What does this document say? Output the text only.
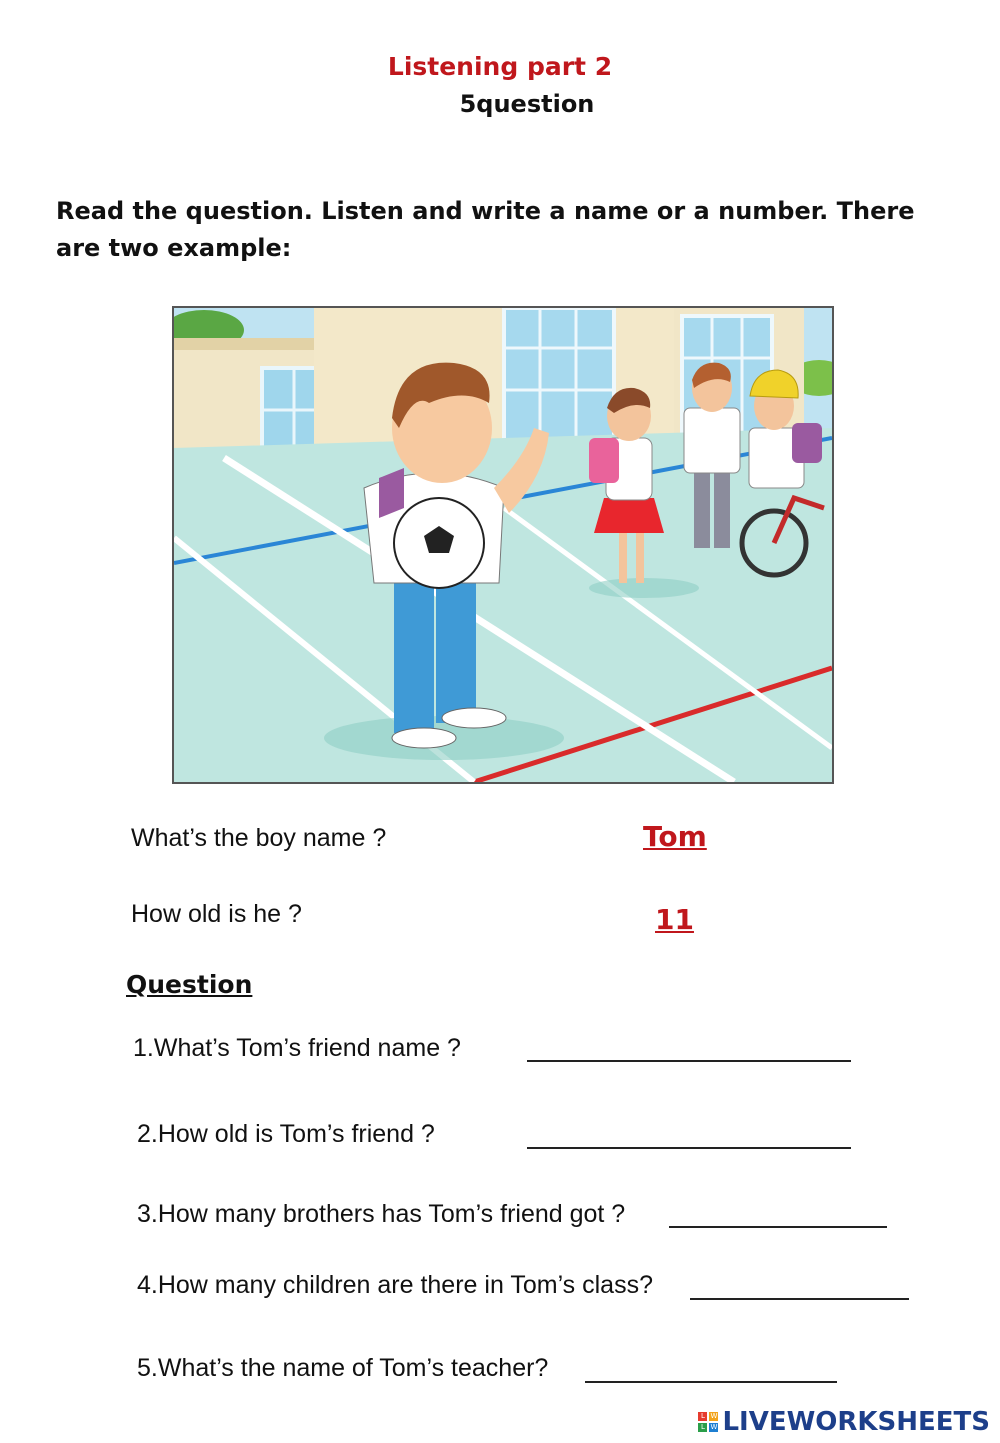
Listening part 2
5question
Read the question. Listen and write a name or a number. There are two example:
What’s the boy name ?	Tom
How old is he ?	11
Question
1.What’s Tom’s friend name ?
2.How old is Tom’s friend ?
3.How many brothers has Tom’s friend got ?
4.How many children are there in Tom’s class?
5.What’s the name of Tom’s teacher?
L W
L W LIVEWORKSHEETS
